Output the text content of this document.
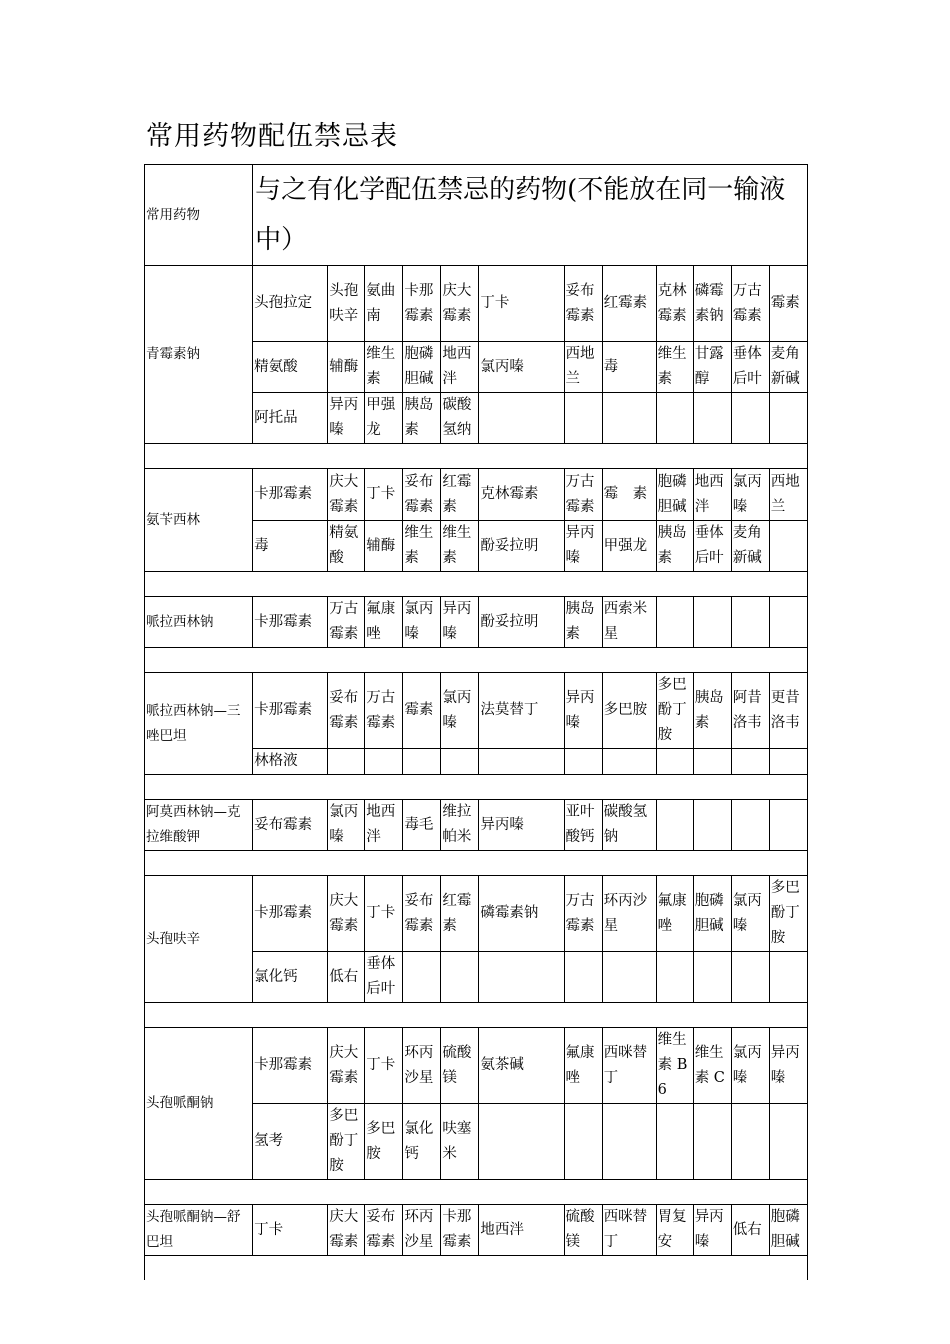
常用药物配伍禁忌表
常用药物	与之有化学配伍禁忌的药物(不能放在同一输液中）											
青霉素钠	头孢拉定	头孢呋辛	氨曲南	卡那霉素	庆大霉素	丁卡	妥布霉素	红霉素	克林霉素	磷霉素钠	万古霉素	霉素
	精氨酸	辅酶	维生素	胞磷胆碱	地西泮	氯丙嗪	西地兰	毒	维生素	甘露醇	垂体后叶	麦角新碱
	阿托品	异丙嗪	甲强龙	胰岛素	碳酸氢纳							

氨苄西林	卡那霉素	庆大霉素	丁卡	妥布霉素	红霉素	克林霉素	万古霉素	霉　素	胞磷胆碱	地西泮	氯丙嗪	西地兰
	毒	精氨酸	辅酶	维生素	维生素	酚妥拉明	异丙嗪	甲强龙	胰岛素	垂体后叶	麦角新碱	

哌拉西林钠	卡那霉素	万古霉素	氟康唑	氯丙嗪	异丙嗪	酚妥拉明	胰岛素	西索米星				

哌拉西林钠—三唑巴坦	卡那霉素	妥布霉素	万古霉素	霉素	氯丙嗪	法莫替丁	异丙嗪	多巴胺	多巴酚丁胺	胰岛素	阿昔洛韦	更昔洛韦
	林格液											

阿莫西林钠—克拉维酸钾	妥布霉素	氯丙嗪	地西泮	毒毛	维拉帕米	异丙嗪	亚叶酸钙	碳酸氢钠				

头孢呋辛	卡那霉素	庆大霉素	丁卡	妥布霉素	红霉素	磷霉素钠	万古霉素	环丙沙星	氟康唑	胞磷胆碱	氯丙嗪	多巴酚丁胺
	氯化钙	低右	垂体后叶									

头孢哌酮钠	卡那霉素	庆大霉素	丁卡	环丙沙星	硫酸镁	氨茶碱	氟康唑	西咪替丁	维生素 B6	维生素 C	氯丙嗪	异丙嗪
	氢考	多巴酚丁胺	多巴胺	氯化钙	呋塞米							

头孢哌酮钠—舒巴坦	丁卡	庆大霉素	妥布霉素	环丙沙星	卡那霉素	地西泮	硫酸镁	西咪替丁	胃复安	异丙嗪	低右	胞磷胆碱
